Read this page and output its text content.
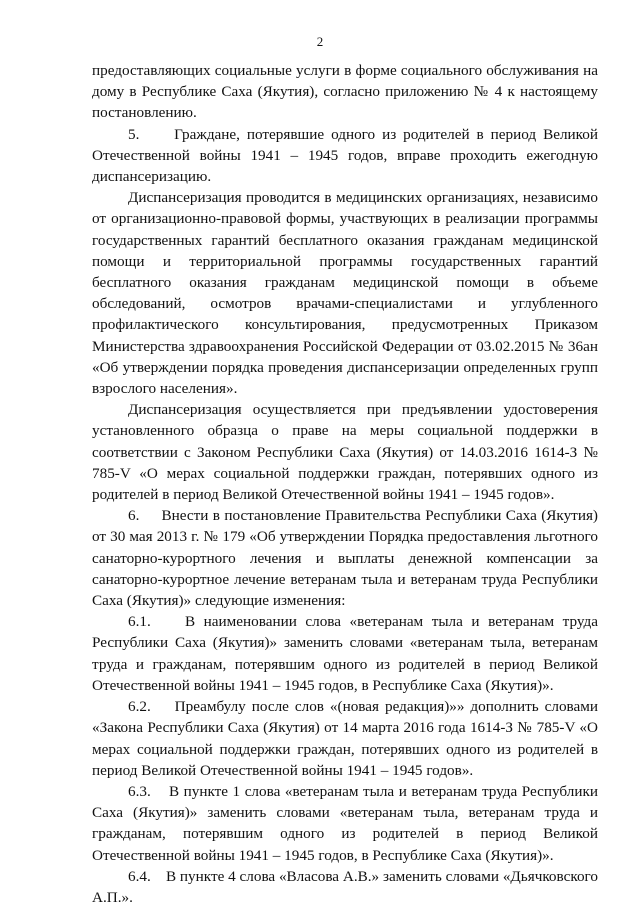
2

предоставляющих социальные услуги в форме социального обслуживания на дому в Республике Саха (Якутия), согласно приложению № 4 к настоящему постановлению.

5.     Граждане, потерявшие одного из родителей в период Великой Отечественной войны 1941 – 1945 годов, вправе проходить ежегодную диспансеризацию.

Диспансеризация проводится в медицинских организациях, независимо от организационно-правовой формы, участвующих в реализации программы государственных гарантий бесплатного оказания гражданам медицинской помощи и территориальной программы государственных гарантий бесплатного оказания гражданам медицинской помощи в объеме обследований, осмотров врачами-специалистами и углубленного профилактического консультирования, предусмотренных Приказом Министерства здравоохранения Российской Федерации от 03.02.2015 № 36ан «Об утверждении порядка проведения диспансеризации определенных групп взрослого населения».

Диспансеризация осуществляется при предъявлении удостоверения установленного образца о праве на меры социальной поддержки в соответствии с Законом Республики Саха (Якутия) от 14.03.2016 1614-З № 785-V «О мерах социальной поддержки граждан, потерявших одного из родителей в период Великой Отечественной войны 1941 – 1945 годов».

6.     Внести в постановление Правительства Республики Саха (Якутия) от 30 мая 2013 г. № 179 «Об утверждении Порядка предоставления льготного санаторно-курортного лечения и выплаты денежной компенсации за санаторно-курортное лечение ветеранам тыла и ветеранам труда Республики Саха (Якутия)» следующие изменения:

6.1.    В наименовании слова «ветеранам тыла и ветеранам труда Республики Саха (Якутия)» заменить словами «ветеранам тыла, ветеранам труда и гражданам, потерявшим одного из родителей в период Великой Отечественной войны 1941 – 1945 годов, в Республике Саха (Якутия)».

6.2.    Преамбулу после слов «(новая редакция)»» дополнить словами «Закона Республики Саха (Якутия) от 14 марта 2016 года 1614-З № 785-V «О мерах социальной поддержки граждан, потерявших одного из родителей в период Великой Отечественной войны 1941 – 1945 годов».

6.3.    В пункте 1 слова «ветеранам тыла и ветеранам труда Республики Саха (Якутия)» заменить словами «ветеранам тыла, ветеранам труда и гражданам, потерявшим одного из родителей в период Великой Отечественной войны 1941 – 1945 годов, в Республике Саха (Якутия)».

6.4.    В пункте 4 слова «Власова А.В.» заменить словами «Дьячковского А.П.».
